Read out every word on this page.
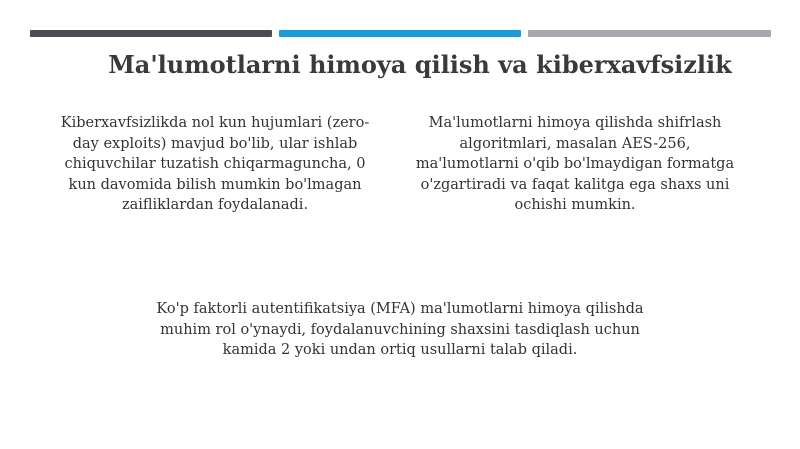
Ma'lumotlarni himoya qilish va kiberxavfsizlik
Kiberxavfsizlikda nol kun hujumlari (zero-day exploits) mavjud bo'lib, ular ishlab chiquvchilar tuzatish chiqarmaguncha, 0 kun davomida bilish mumkin bo'lmagan zaifliklardan foydalanadi.
Ma'lumotlarni himoya qilishda shifrlash algoritmlari, masalan AES-256, ma'lumotlarni o'qib bo'lmaydigan formatga o'zgartiradi va faqat kalitga ega shaxs uni ochishi mumkin.
Ko'p faktorli autentifikatsiya (MFA) ma'lumotlarni himoya qilishda muhim rol o'ynaydi, foydalanuvchining shaxsini tasdiqlash uchun kamida 2 yoki undan ortiq usullarni talab qiladi.
